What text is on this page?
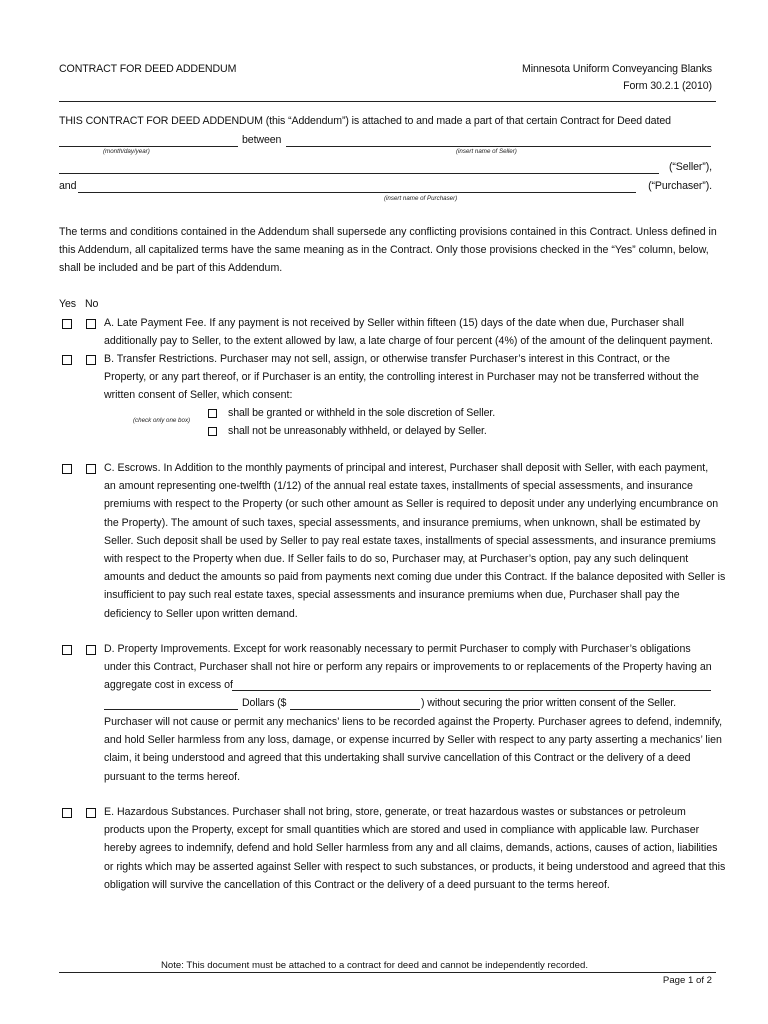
CONTRACT FOR DEED ADDENDUM	Minnesota Uniform Conveyancing Blanks
Form 30.2.1 (2010)
THIS CONTRACT FOR DEED ADDENDUM (this “Addendum”) is attached to and made a part of that certain Contract for Deed dated
between
(month/day/year)	(insert name of Seller)
(“Seller”),
and	(“Purchaser”).
(insert name of Purchaser)
The terms and conditions contained in the Addendum shall supersede any conflicting provisions contained in this Contract. Unless defined in
this Addendum, all capitalized terms have the same meaning as in the Contract. Only those provisions checked in the “Yes” column, below,
shall be included and be part of this Addendum.
Yes No
A. Late Payment Fee. If any payment is not received by Seller within fifteen (15) days of the date when due, Purchaser shall
additionally pay to Seller, to the extent allowed by law, a late charge of four percent (4%) of the amount of the delinquent payment.
B. Transfer Restrictions. Purchaser may not sell, assign, or otherwise transfer Purchaser’s interest in this Contract, or the
Property, or any part thereof, or if Purchaser is an entity, the controlling interest in Purchaser may not be transferred without the
written consent of Seller, which consent:
(check only one box)
shall be granted or withheld in the sole discretion of Seller.
shall not be unreasonably withheld, or delayed by Seller.
C. Escrows. In Addition to the monthly payments of principal and interest, Purchaser shall deposit with Seller, with each payment,
an amount representing one-twelfth (1/12) of the annual real estate taxes, installments of special assessments, and insurance
premiums with respect to the Property (or such other amount as Seller is required to deposit under any underlying encumbrance on
the Property). The amount of such taxes, special assessments, and insurance premiums, when unknown, shall be estimated by
Seller. Such deposit shall be used by Seller to pay real estate taxes, installments of special assessments, and insurance premiums
with respect to the Property when due. If Seller fails to do so, Purchaser may, at Purchaser’s option, pay any such delinquent
amounts and deduct the amounts so paid from payments next coming due under this Contract. If the balance deposited with Seller is
insufficient to pay such real estate taxes, special assessments and insurance premiums when due, Purchaser shall pay the
deficiency to Seller upon written demand.
D. Property Improvements. Except for work reasonably necessary to permit Purchaser to comply with Purchaser’s obligations
under this Contract, Purchaser shall not hire or perform any repairs or improvements to or replacements of the Property having an
aggregate cost in excess of
Dollars ($	) without securing the prior written consent of the Seller.
Purchaser will not cause or permit any mechanics’ liens to be recorded against the Property. Purchaser agrees to defend, indemnify,
and hold Seller harmless from any loss, damage, or expense incurred by Seller with respect to any party asserting a mechanics’ lien
claim, it being understood and agreed that this undertaking shall survive cancellation of this Contract or the delivery of a deed
pursuant to the terms hereof.
E. Hazardous Substances. Purchaser shall not bring, store, generate, or treat hazardous wastes or substances or petroleum
products upon the Property, except for small quantities which are stored and used in compliance with applicable law. Purchaser
hereby agrees to indemnify, defend and hold Seller harmless from any and all claims, demands, actions, causes of action, liabilities
or rights which may be asserted against Seller with respect to such substances, or products, it being understood and agreed that this
obligation will survive the cancellation of this Contract or the delivery of a deed pursuant to the terms hereof.
Note: This document must be attached to a contract for deed and cannot be independently recorded.
Page 1 of 2
